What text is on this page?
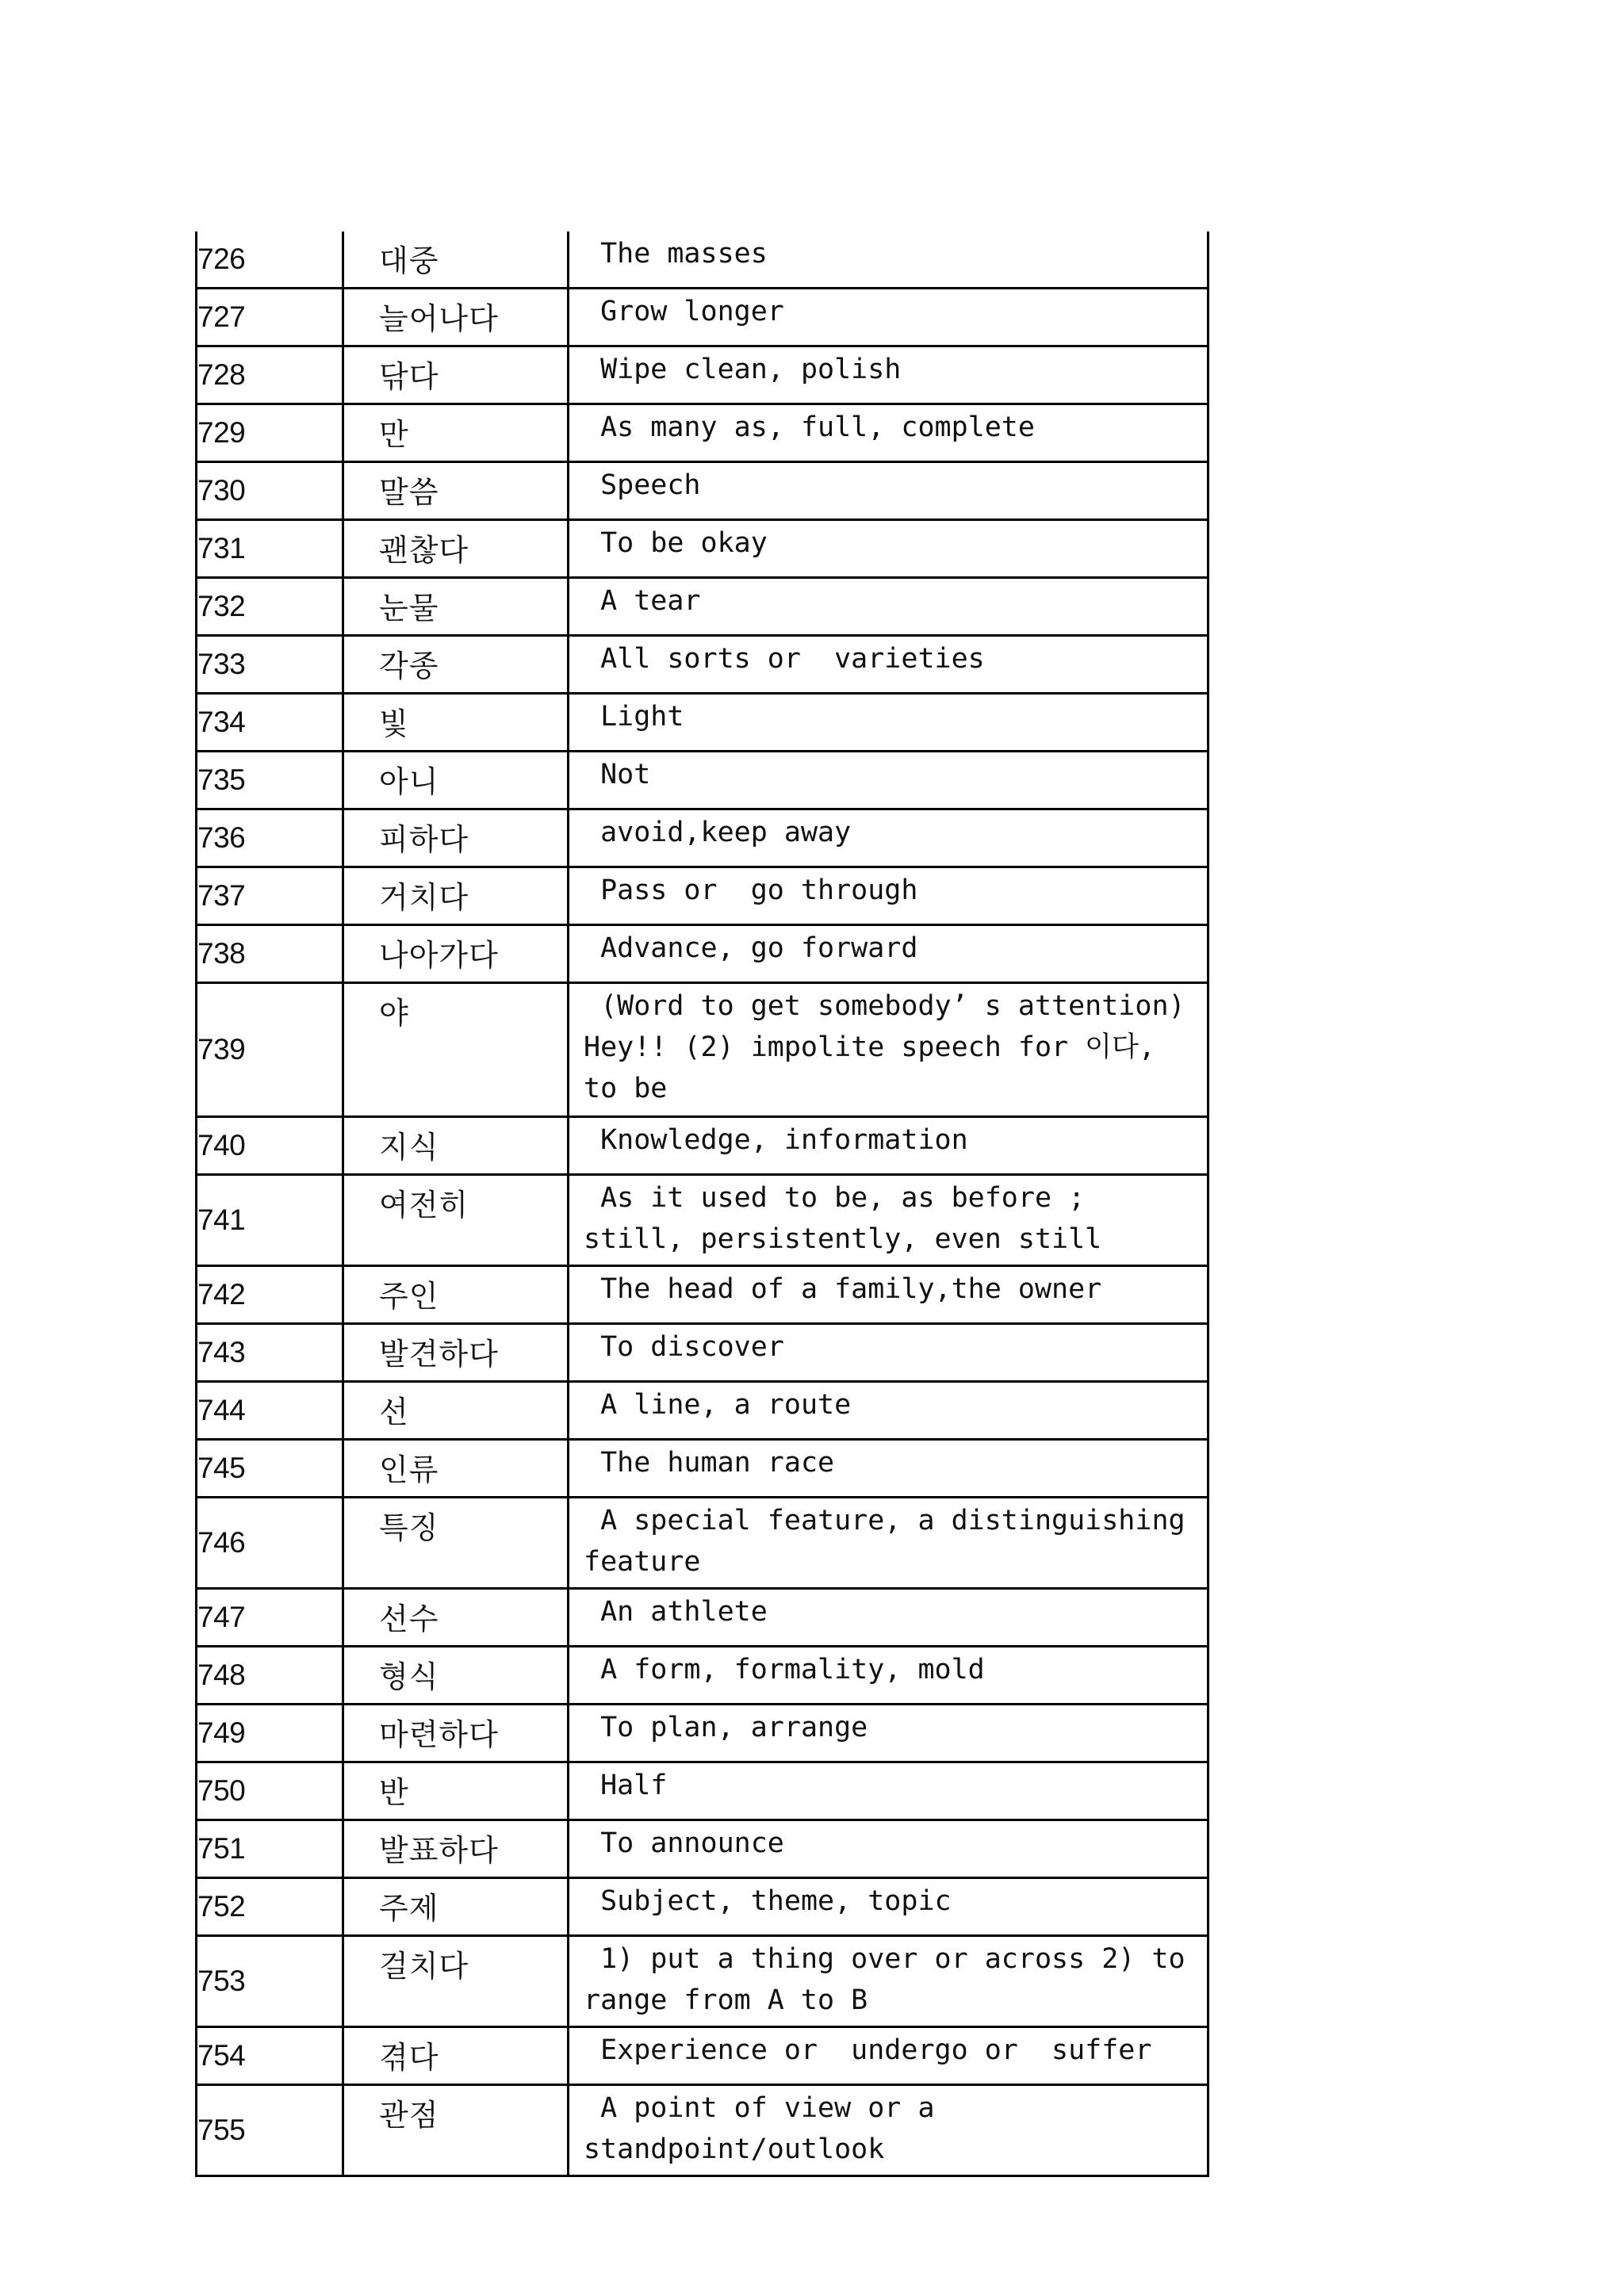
726	대중	The masses
727	늘어나다	Grow longer
728	닦다	Wipe clean, polish
729	만	As many as, full, complete
730	말씀	Speech
731	괜찮다	To be okay
732	눈물	A tear
733	각종	All sorts or  varieties
734	빛	Light
735	아니	Not
736	피하다	avoid,keep away
737	거치다	Pass or  go through
738	나아가다	Advance, go forward
739	야	(Word to get somebody’ s attention) Hey!! (2) impolite speech for 이다, to be
740	지식	Knowledge, information
741	여전히	As it used to be, as before ; still, persistently, even still
742	주인	The head of a family,the owner
743	발견하다	To discover
744	선	A line, a route
745	인류	The human race
746	특징	A special feature, a distinguishing feature
747	선수	An athlete
748	형식	A form, formality, mold
749	마련하다	To plan, arrange
750	반	Half
751	발표하다	To announce
752	주제	Subject, theme, topic
753	걸치다	1) put a thing over or across 2) to range from A to B
754	겪다	Experience or  undergo or  suffer
755	관점	A point of view or a standpoint/outlook
